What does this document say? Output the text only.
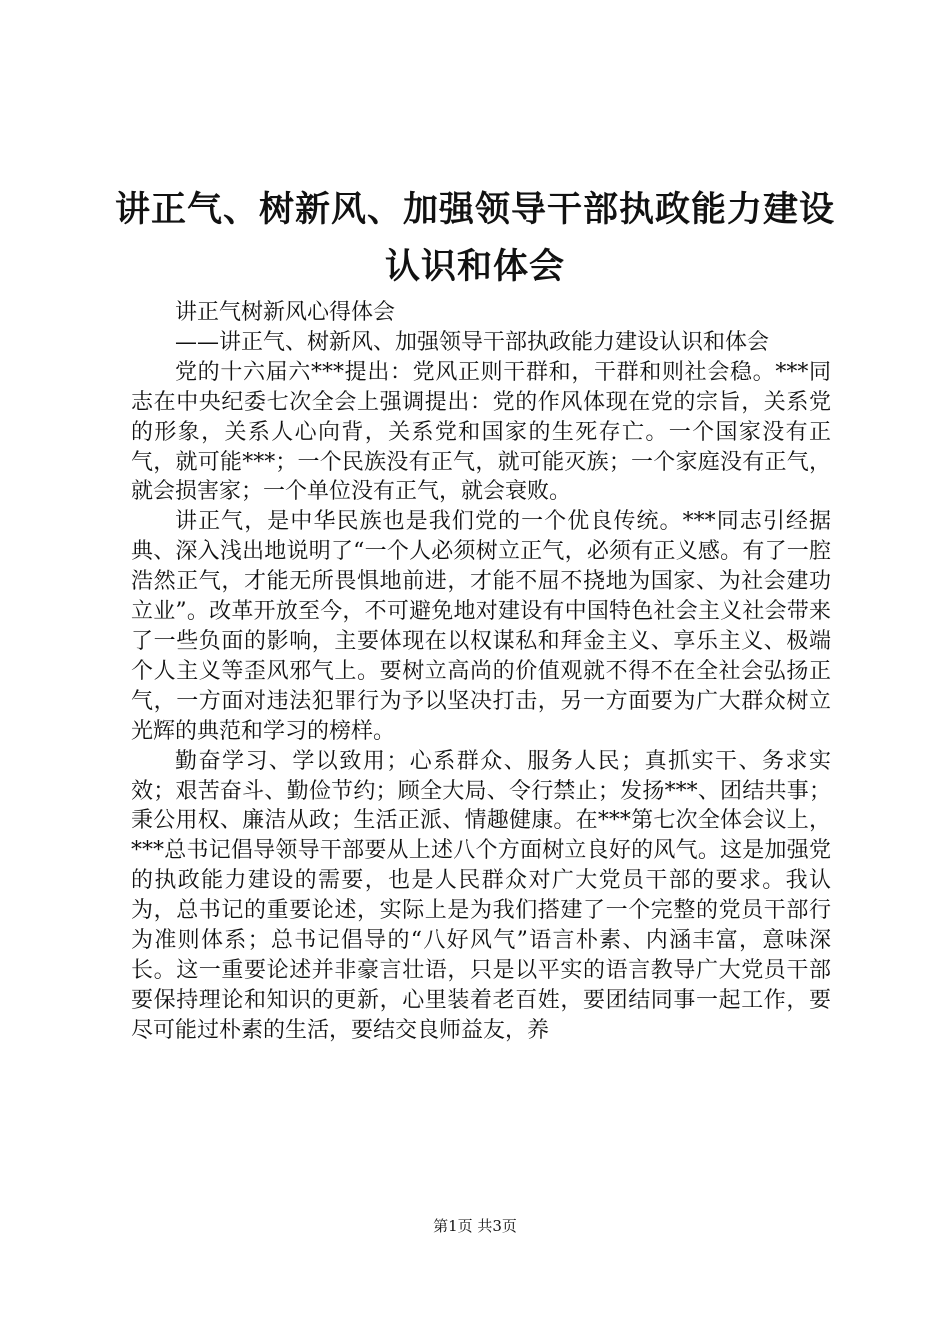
讲正气、树新风、加强领导干部执政能力建设
认识和体会

讲正气树新风心得体会

——讲正气、树新风、加强领导干部执政能力建设认识和体会

党的十六届六***提出：党风正则干群和，干群和则社会稳。***同志在中央纪委七次全会上强调提出：党的作风体现在党的宗旨，关系党的形象，关系人心向背，关系党和国家的生死存亡。一个国家没有正气，就可能***；一个民族没有正气，就可能灭族；一个家庭没有正气，就会损害家；一个单位没有正气，就会衰败。

讲正气，是中华民族也是我们党的一个优良传统。***同志引经据典、深入浅出地说明了“一个人必须树立正气，必须有正义感。有了一腔浩然正气，才能无所畏惧地前进，才能不屈不挠地为国家、为社会建功立业”。改革开放至今，不可避免地对建设有中国特色社会主义社会带来了一些负面的影响，主要体现在以权谋私和拜金主义、享乐主义、极端个人主义等歪风邪气上。要树立高尚的价值观就不得不在全社会弘扬正气，一方面对违法犯罪行为予以坚决打击，另一方面要为广大群众树立光辉的典范和学习的榜样。

勤奋学习、学以致用；心系群众、服务人民；真抓实干、务求实效；艰苦奋斗、勤俭节约；顾全大局、令行禁止；发扬***、团结共事；秉公用权、廉洁从政；生活正派、情趣健康。在***第七次全体会议上，***总书记倡导领导干部要从上述八个方面树立良好的风气。这是加强党的执政能力建设的需要，也是人民群众对广大党员干部的要求。我认为，总书记的重要论述，实际上是为我们搭建了一个完整的党员干部行为准则体系；总书记倡导的“八好风气”语言朴素、内涵丰富，意味深长。这一重要论述并非豪言壮语，只是以平实的语言教导广大党员干部要保持理论和知识的更新，心里装着老百姓，要团结同事一起工作，要尽可能过朴素的生活，要结交良师益友，养

第1页 共3页
